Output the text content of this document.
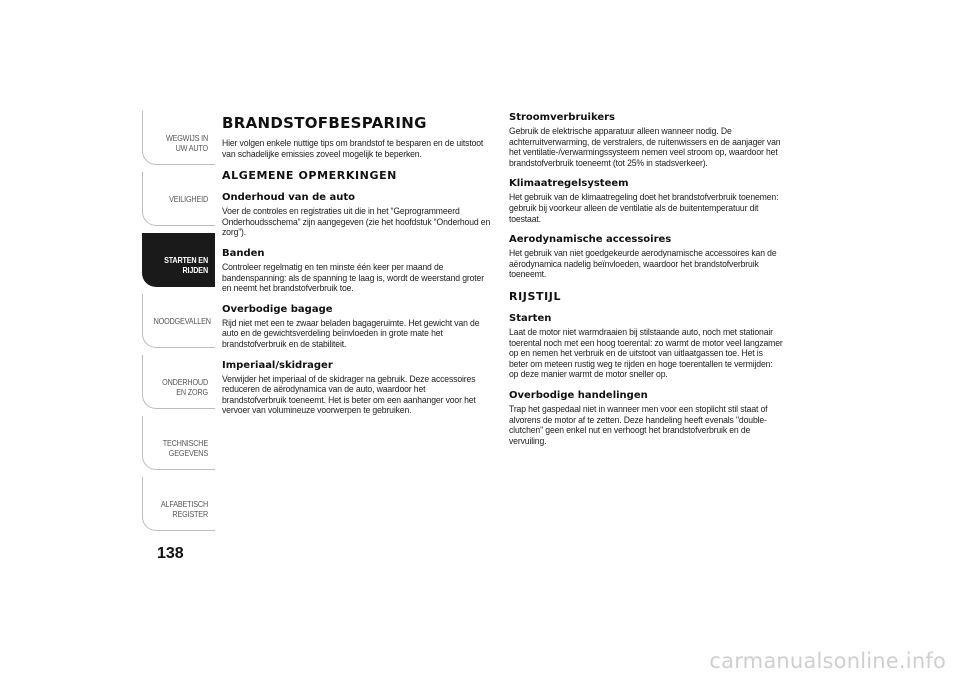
WEGWIJS IN UW AUTO
VEILIGHEID
STARTEN EN RIJDEN
NOODGEVALLEN
ONDERHOUD EN ZORG
TECHNISCHE GEGEVENS
ALFABETISCH REGISTER
138
BRANDSTOFBESPARING
Hier volgen enkele nuttige tips om brandstof te besparen en de uitstoot van schadelijke emissies zoveel mogelijk te beperken.
ALGEMENE OPMERKINGEN
Onderhoud van de auto
Voer de controles en registraties uit die in het “Geprogrammeerd Onderhoudsschema” zijn aangegeven (zie het hoofdstuk “Onderhoud en zorg”).
Banden
Controleer regelmatig en ten minste één keer per maand de bandenspanning: als de spanning te laag is, wordt de weerstand groter en neemt het brandstofverbruik toe.
Overbodige bagage
Rijd niet met een te zwaar beladen bagageruimte. Het gewicht van de auto en de gewichtsverdeling beïnvloeden in grote mate het brandstofverbruik en de stabiliteit.
Imperiaal/skidrager
Verwijder het imperiaal of de skidrager na gebruik. Deze accessoires reduceren de aërodynamica van de auto, waardoor het brandstofverbruik toeneemt. Het is beter om een aanhanger voor het vervoer van volumineuze voorwerpen te gebruiken.
Stroomverbruikers
Gebruik de elektrische apparatuur alleen wanneer nodig. De achterruitverwarming, de verstralers, de ruitenwissers en de aanjager van het ventilatie-/verwarmingssysteem nemen veel stroom op, waardoor het brandstofverbruik toeneemt (tot 25% in stadsverkeer).
Klimaatregelsysteem
Het gebruik van de klimaatregeling doet het brandstofverbruik toenemen: gebruik bij voorkeur alleen de ventilatie als de buitentemperatuur dit toestaat.
Aerodynamische accessoires
Het gebruik van niet goedgekeurde aerodynamische accessoires kan de aërodynamica nadelig beïnvloeden, waardoor het brandstofverbruik toeneemt.
RIJSTIJL
Starten
Laat de motor niet warmdraaien bij stilstaande auto, noch met stationair toerental noch met een hoog toerental: zo warmt de motor veel langzamer op en nemen het verbruik en de uitstoot van uitlaatgassen toe. Het is beter om meteen rustig weg te rijden en hoge toerentallen te vermijden: op deze manier warmt de motor sneller op.
Overbodige handelingen
Trap het gaspedaal niet in wanneer men voor een stoplicht stil staat of alvorens de motor af te zetten. Deze handeling heeft evenals "double-clutchen" geen enkel nut en verhoogt het brandstofverbruik en de vervuiling.
carmanualsonline.info
